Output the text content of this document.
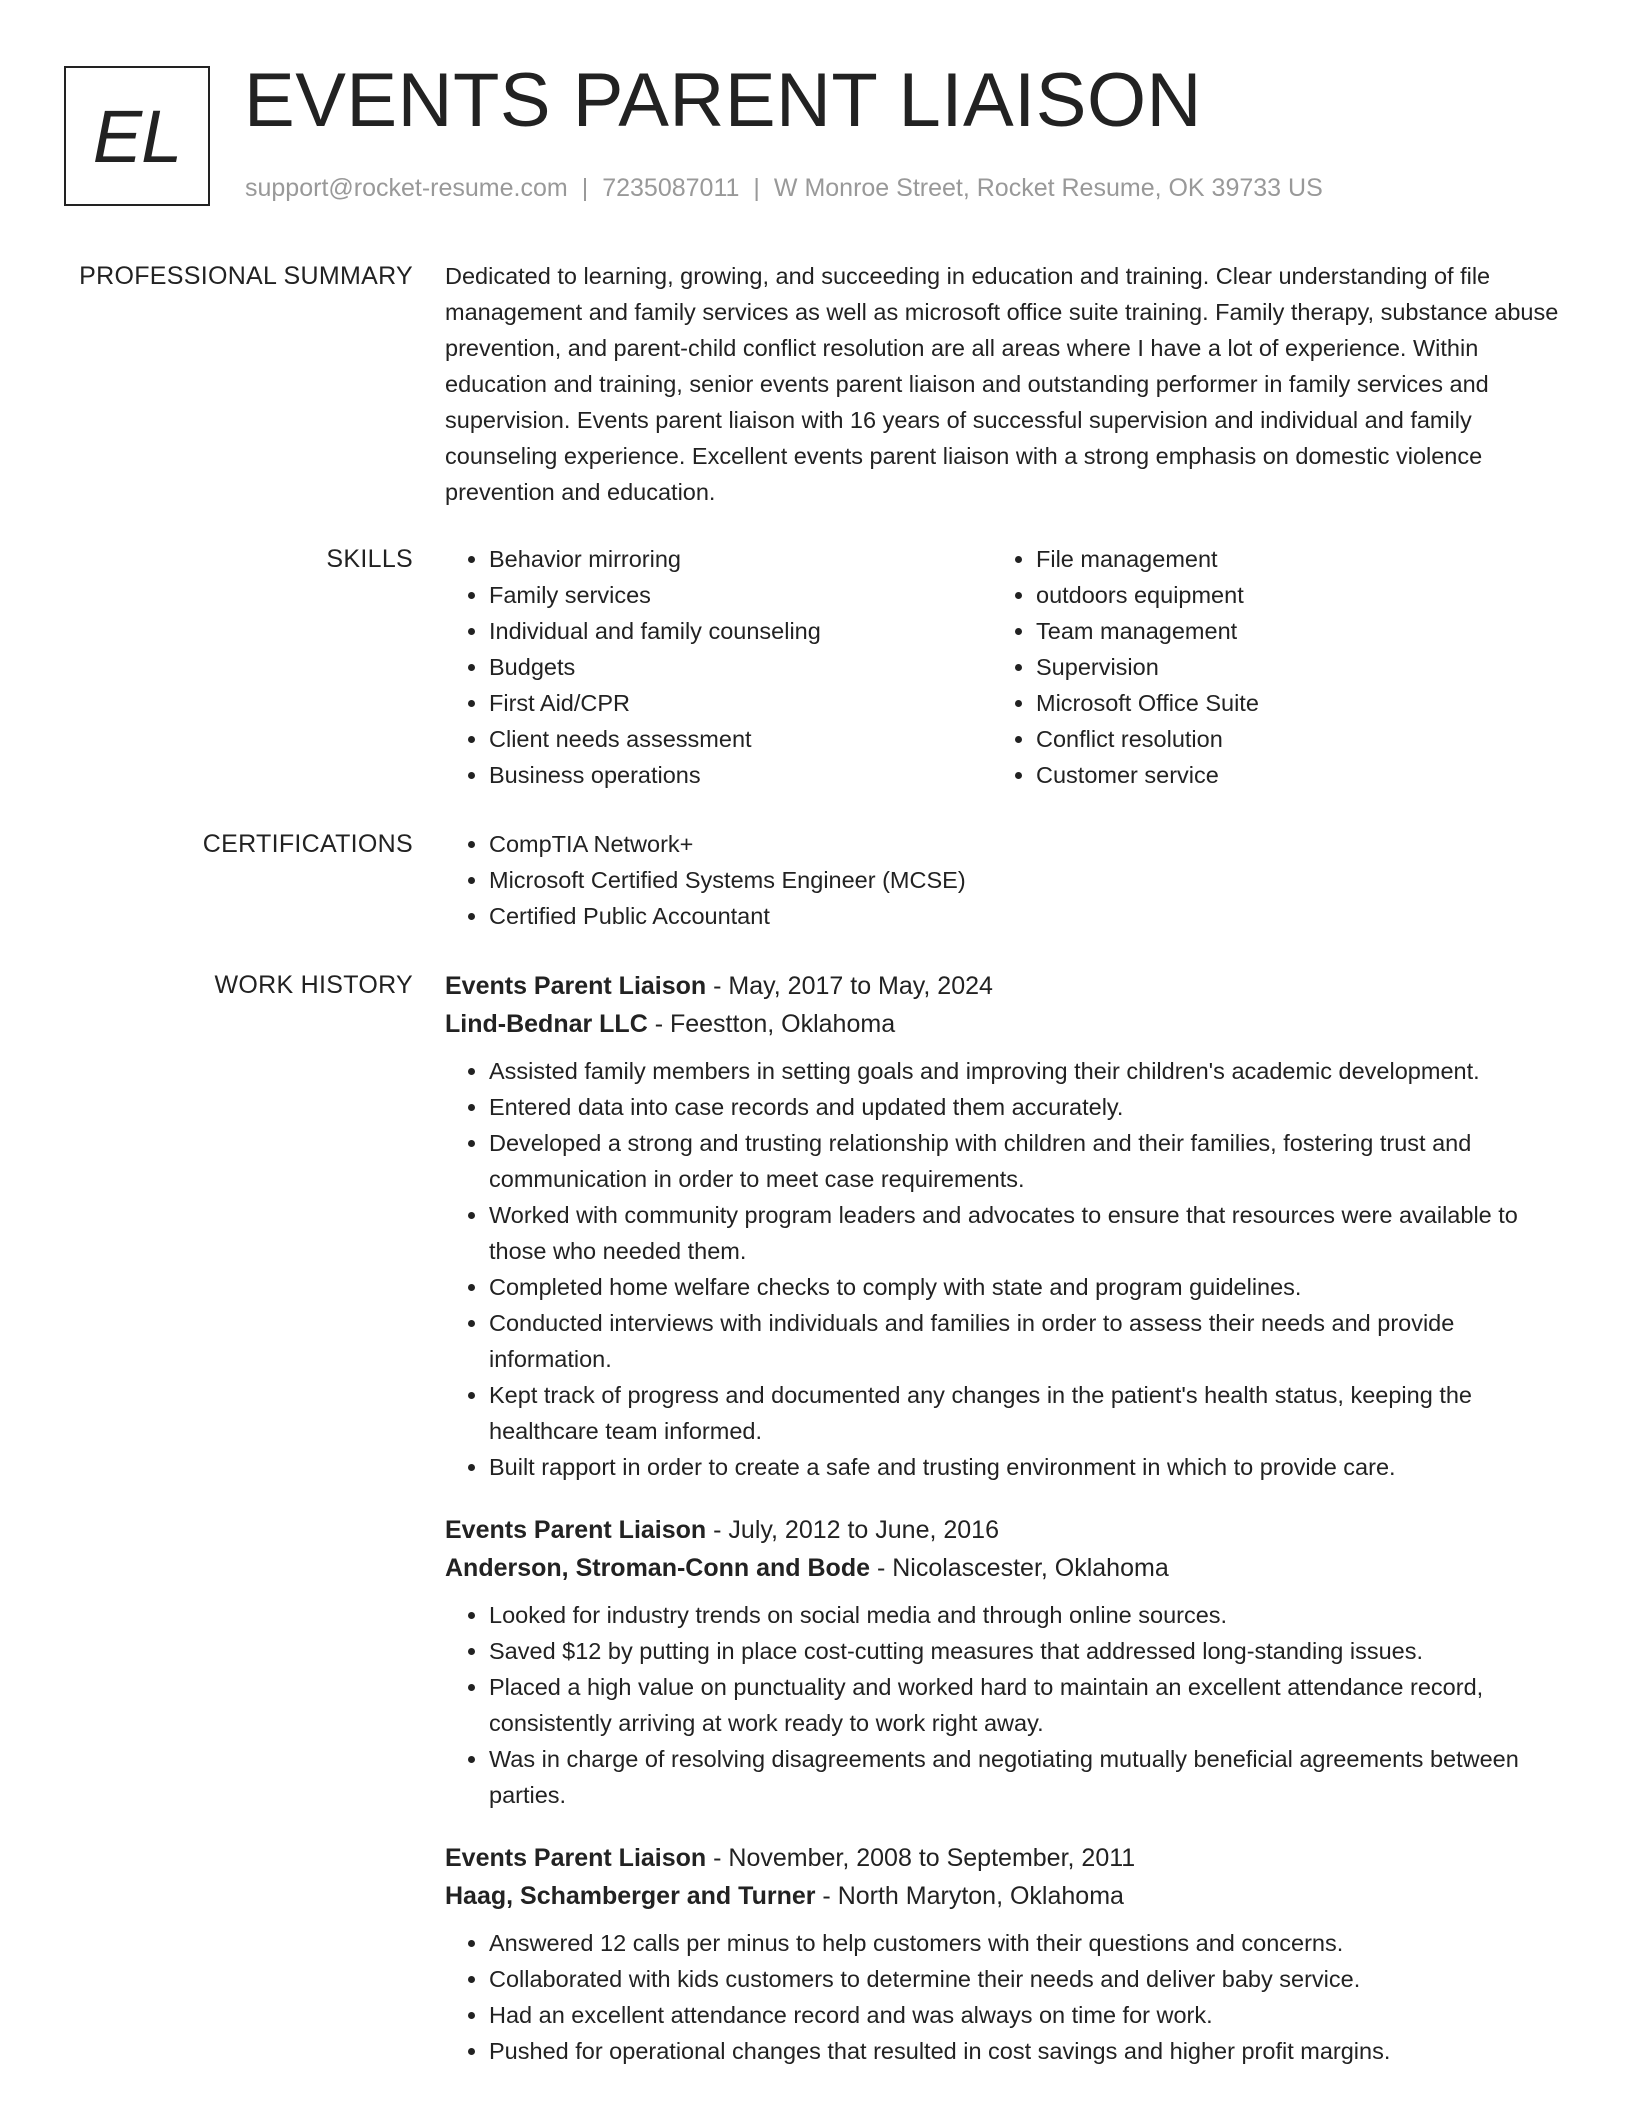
EL EVENTS PARENT LIAISON
support@rocket-resume.com | 7235087011 | W Monroe Street, Rocket Resume, OK 39733 US
PROFESSIONAL SUMMARY Dedicated to learning, growing, and succeeding in education and training. Clear understanding of file management and family services as well as microsoft office suite training. Family therapy, substance abuse prevention, and parent-child conflict resolution are all areas where I have a lot of experience. Within education and training, senior events parent liaison and outstanding performer in family services and supervision. Events parent liaison with 16 years of successful supervision and individual and family counseling experience. Excellent events parent liaison with a strong emphasis on domestic violence prevention and education.

SKILLS	• Behavior mirroring
• Family services
• Individual and family counseling
• Budgets
• First Aid/CPR
• Client needs assessment
• Business operations
• File management
• outdoors equipment
• Team management
• Supervision
• Microsoft Office Suite
• Conflict resolution
• Customer service
CERTIFICATIONS	• CompTIA Network+
• Microsoft Certified Systems Engineer (MCSE)
• Certified Public Accountant
WORK HISTORY Events Parent Liaison - May, 2017 to May, 2024
Lind-Bednar LLC - Feestton, Oklahoma
• Assisted family members in setting goals and improving their children's academic development.
• Entered data into case records and updated them accurately.
• Developed a strong and trusting relationship with children and their families, fostering trust and communication in order to meet case requirements.
• Worked with community program leaders and advocates to ensure that resources were available to those who needed them.
• Completed home welfare checks to comply with state and program guidelines.
• Conducted interviews with individuals and families in order to assess their needs and provide information.
• Kept track of progress and documented any changes in the patient's health status, keeping the healthcare team informed.
• Built rapport in order to create a safe and trusting environment in which to provide care.
Events Parent Liaison - July, 2012 to June, 2016
Anderson, Stroman-Conn and Bode - Nicolascester, Oklahoma
• Looked for industry trends on social media and through online sources.
• Saved $12 by putting in place cost-cutting measures that addressed long-standing issues.
• Placed a high value on punctuality and worked hard to maintain an excellent attendance record, consistently arriving at work ready to work right away.
• Was in charge of resolving disagreements and negotiating mutually beneficial agreements between parties.
Events Parent Liaison - November, 2008 to September, 2011
Haag, Schamberger and Turner - North Maryton, Oklahoma
• Answered 12 calls per minus to help customers with their questions and concerns.
• Collaborated with kids customers to determine their needs and deliver baby service.
• Had an excellent attendance record and was always on time for work.
• Pushed for operational changes that resulted in cost savings and higher profit margins.
